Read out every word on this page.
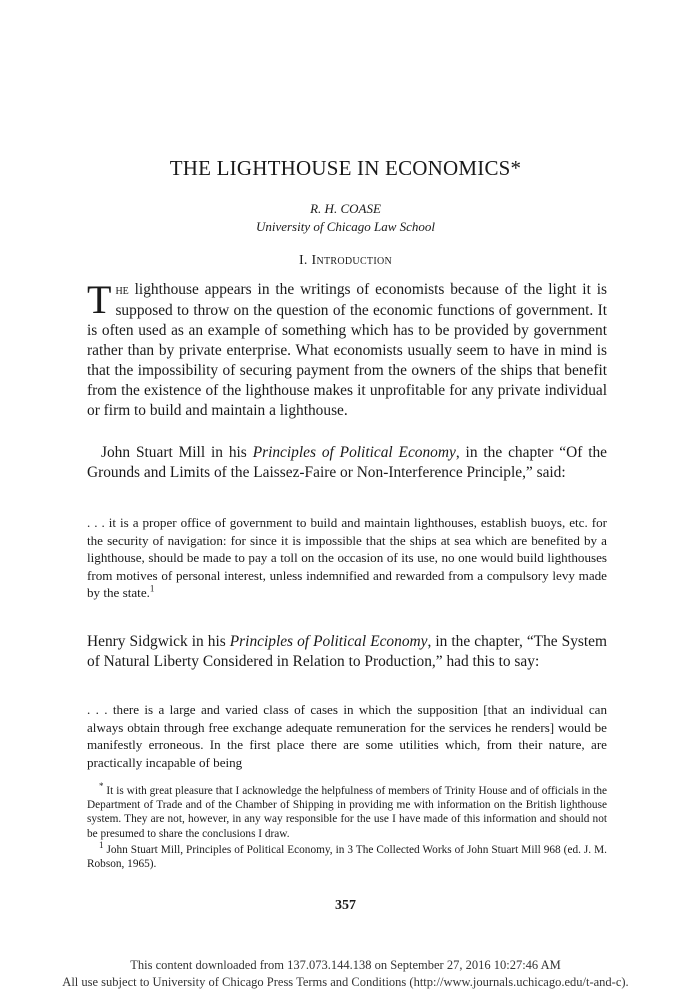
THE LIGHTHOUSE IN ECONOMICS*
R. H. COASE
University of Chicago Law School
I. Introduction

The lighthouse appears in the writings of economists because of the light it is supposed to throw on the question of the economic functions of government. It is often used as an example of something which has to be provided by government rather than by private enterprise. What economists usually seem to have in mind is that the impossibility of securing payment from the owners of the ships that benefit from the existence of the lighthouse makes it unprofitable for any private individual or firm to build and maintain a lighthouse.

John Stuart Mill in his Principles of Political Economy, in the chapter “Of the Grounds and Limits of the Laissez-Faire or Non-Interference Principle,” said:

. . . it is a proper office of government to build and maintain lighthouses, establish buoys, etc. for the security of navigation: for since it is impossible that the ships at sea which are benefited by a lighthouse, should be made to pay a toll on the occasion of its use, no one would build lighthouses from motives of personal interest, unless indemnified and rewarded from a compulsory levy made by the state.$^1$

Henry Sidgwick in his Principles of Political Economy, in the chapter, “The System of Natural Liberty Considered in Relation to Production,” had this to say:

. . . there is a large and varied class of cases in which the supposition [that an individual can always obtain through free exchange adequate remuneration for the services he renders] would be manifestly erroneous. In the first place there are some utilities which, from their nature, are practically incapable of being

* It is with great pleasure that I acknowledge the helpfulness of members of Trinity House and of officials in the Department of Trade and of the Chamber of Shipping in providing me with information on the British lighthouse system. They are not, however, in any way responsible for the use I have made of this information and should not be presumed to share the conclusions I draw.

$^1$ John Stuart Mill, Principles of Political Economy, in 3 The Collected Works of John Stuart Mill 968 (ed. J. M. Robson, 1965).

357
This content downloaded from 137.073.144.138 on September 27, 2016 10:27:46 AM
All use subject to University of Chicago Press Terms and Conditions (http://www.journals.uchicago.edu/t-and-c).
